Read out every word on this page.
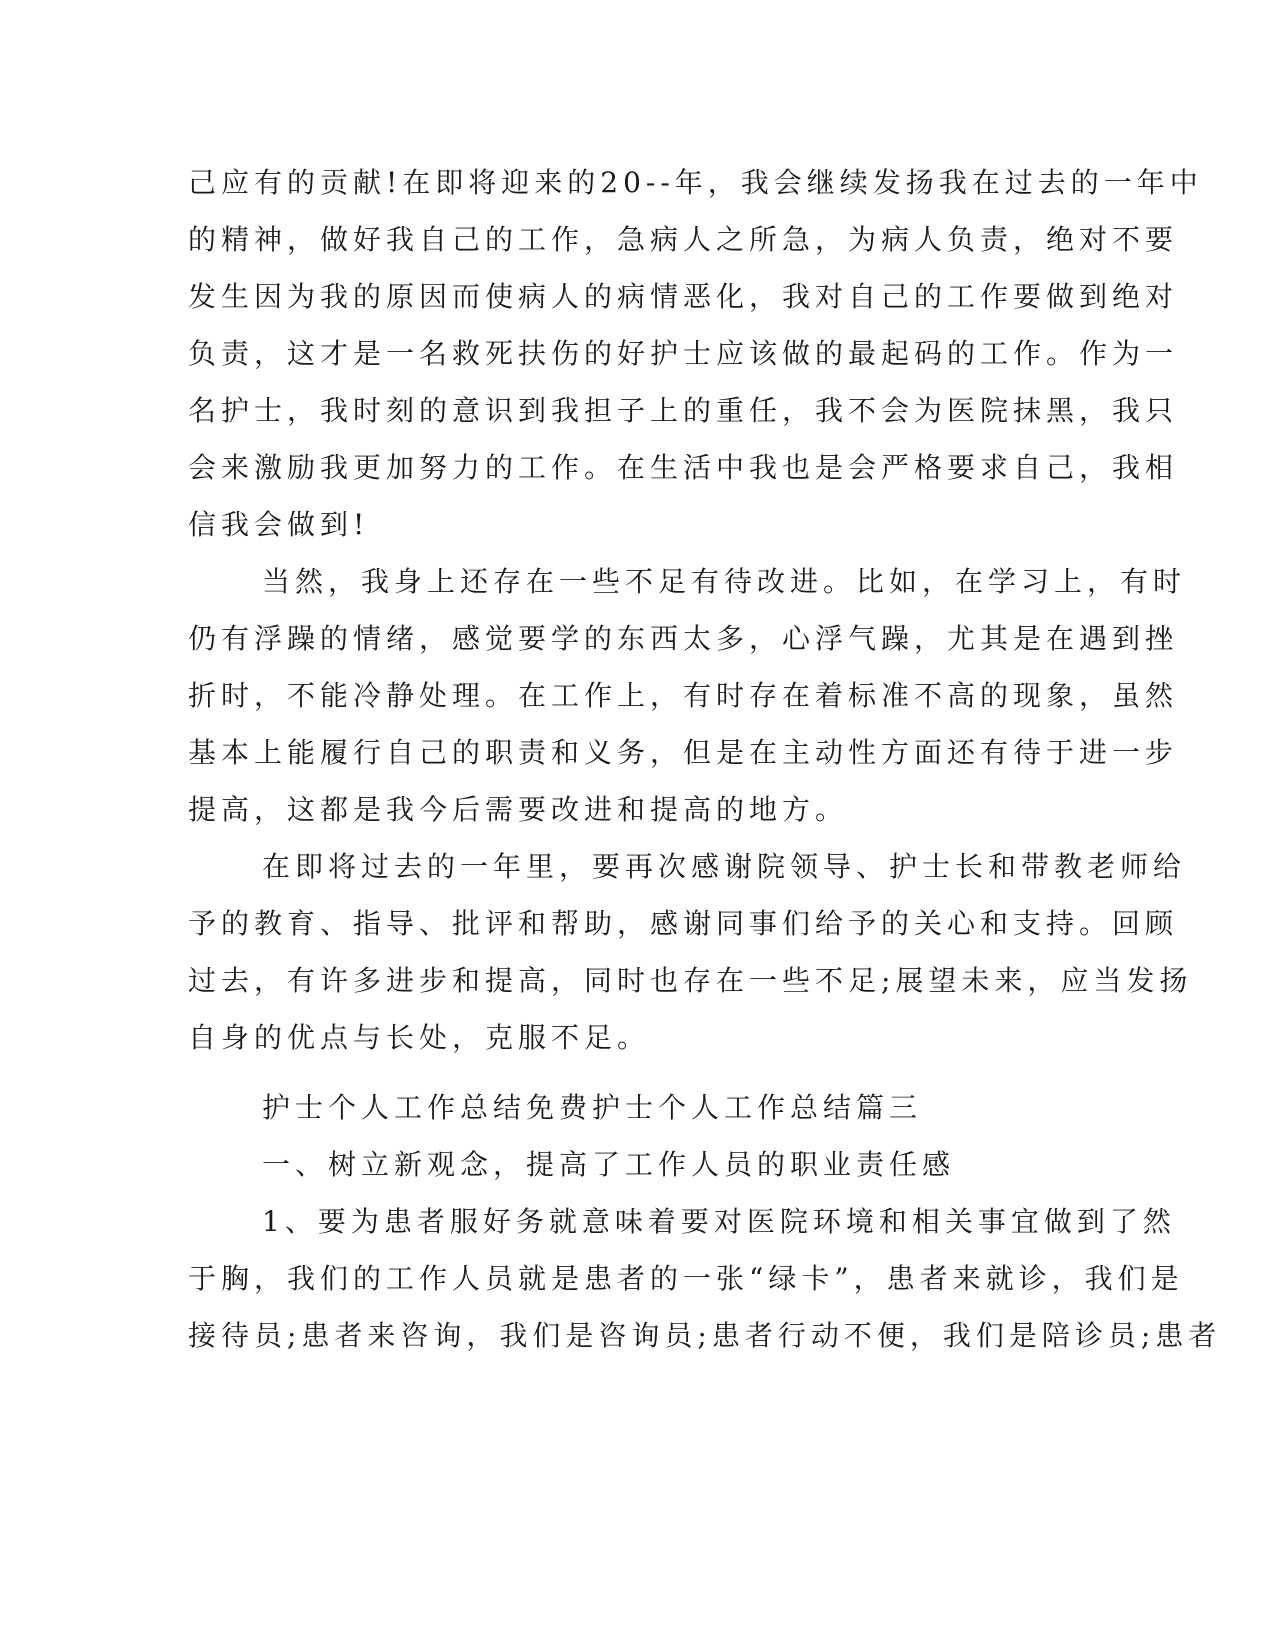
己应有的贡献!在即将迎来的20--年，我会继续发扬我在过去的一年中
的精神，做好我自己的工作，急病人之所急，为病人负责，绝对不要
发生因为我的原因而使病人的病情恶化，我对自己的工作要做到绝对
负责，这才是一名救死扶伤的好护士应该做的最起码的工作。作为一
名护士，我时刻的意识到我担子上的重任，我不会为医院抹黑，我只
会来激励我更加努力的工作。在生活中我也是会严格要求自己，我相
信我会做到!
当然，我身上还存在一些不足有待改进。比如，在学习上，有时
仍有浮躁的情绪，感觉要学的东西太多，心浮气躁，尤其是在遇到挫
折时，不能冷静处理。在工作上，有时存在着标准不高的现象，虽然
基本上能履行自己的职责和义务，但是在主动性方面还有待于进一步
提高，这都是我今后需要改进和提高的地方。
在即将过去的一年里，要再次感谢院领导、护士长和带教老师给
予的教育、指导、批评和帮助，感谢同事们给予的关心和支持。回顾
过去，有许多进步和提高，同时也存在一些不足;展望未来，应当发扬
自身的优点与长处，克服不足。
护士个人工作总结免费护士个人工作总结篇三
一、树立新观念，提高了工作人员的职业责任感
1、要为患者服好务就意味着要对医院环境和相关事宜做到了然
于胸，我们的工作人员就是患者的一张“绿卡”，患者来就诊，我们是
接待员;患者来咨询，我们是咨询员;患者行动不便，我们是陪诊员;患者
